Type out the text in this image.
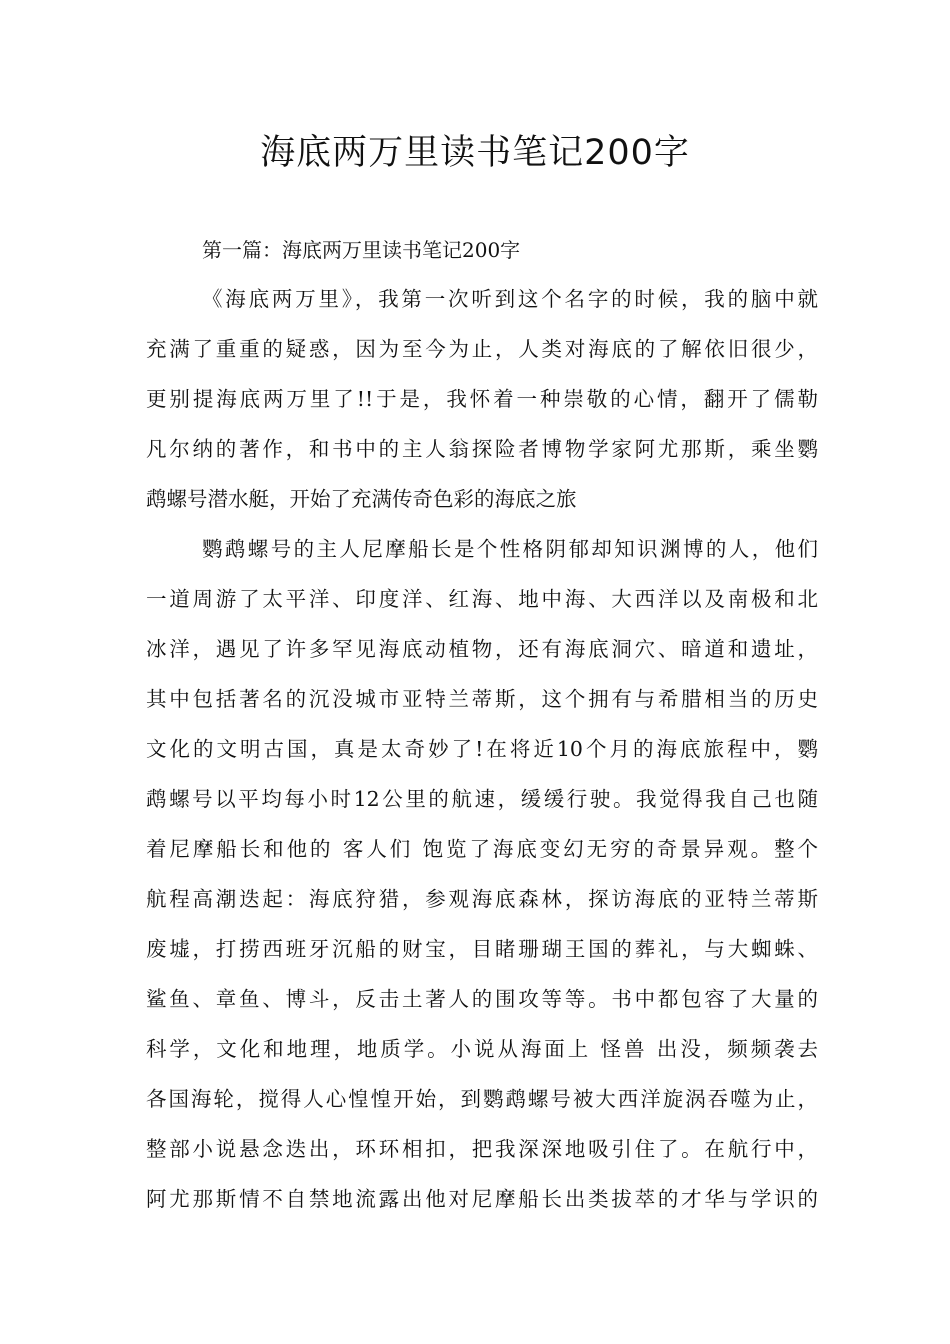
海底两万里读书笔记200字

第一篇：海底两万里读书笔记200字

《海底两万里》，我第一次听到这个名字的时候，我的脑中就
充满了重重的疑惑，因为至今为止，人类对海底的了解依旧很少，
更别提海底两万里了!!于是，我怀着一种崇敬的心情，翻开了儒勒
凡尔纳的著作，和书中的主人翁探险者博物学家阿尤那斯，乘坐鹦
鹉螺号潜水艇，开始了充满传奇色彩的海底之旅
鹦鹉螺号的主人尼摩船长是个性格阴郁却知识渊博的人，他们
一道周游了太平洋、印度洋、红海、地中海、大西洋以及南极和北
冰洋，遇见了许多罕见海底动植物，还有海底洞穴、暗道和遗址，
其中包括著名的沉没城市亚特兰蒂斯，这个拥有与希腊相当的历史
文化的文明古国，真是太奇妙了!在将近10个月的海底旅程中，鹦
鹉螺号以平均每小时12公里的航速，缓缓行驶。我觉得我自己也随
着尼摩船长和他的 客人们 饱览了海底变幻无穷的奇景异观。整个
航程高潮迭起：海底狩猎，参观海底森林，探访海底的亚特兰蒂斯
废墟，打捞西班牙沉船的财宝，目睹珊瑚王国的葬礼，与大蜘蛛、
鲨鱼、章鱼、博斗，反击土著人的围攻等等。书中都包容了大量的
科学，文化和地理，地质学。小说从海面上 怪兽 出没，频频袭去
各国海轮，搅得人心惶惶开始，到鹦鹉螺号被大西洋旋涡吞噬为止，
整部小说悬念迭出，环环相扣，把我深深地吸引住了。在航行中，
阿尤那斯情不自禁地流露出他对尼摩船长出类拔萃的才华与学识的
